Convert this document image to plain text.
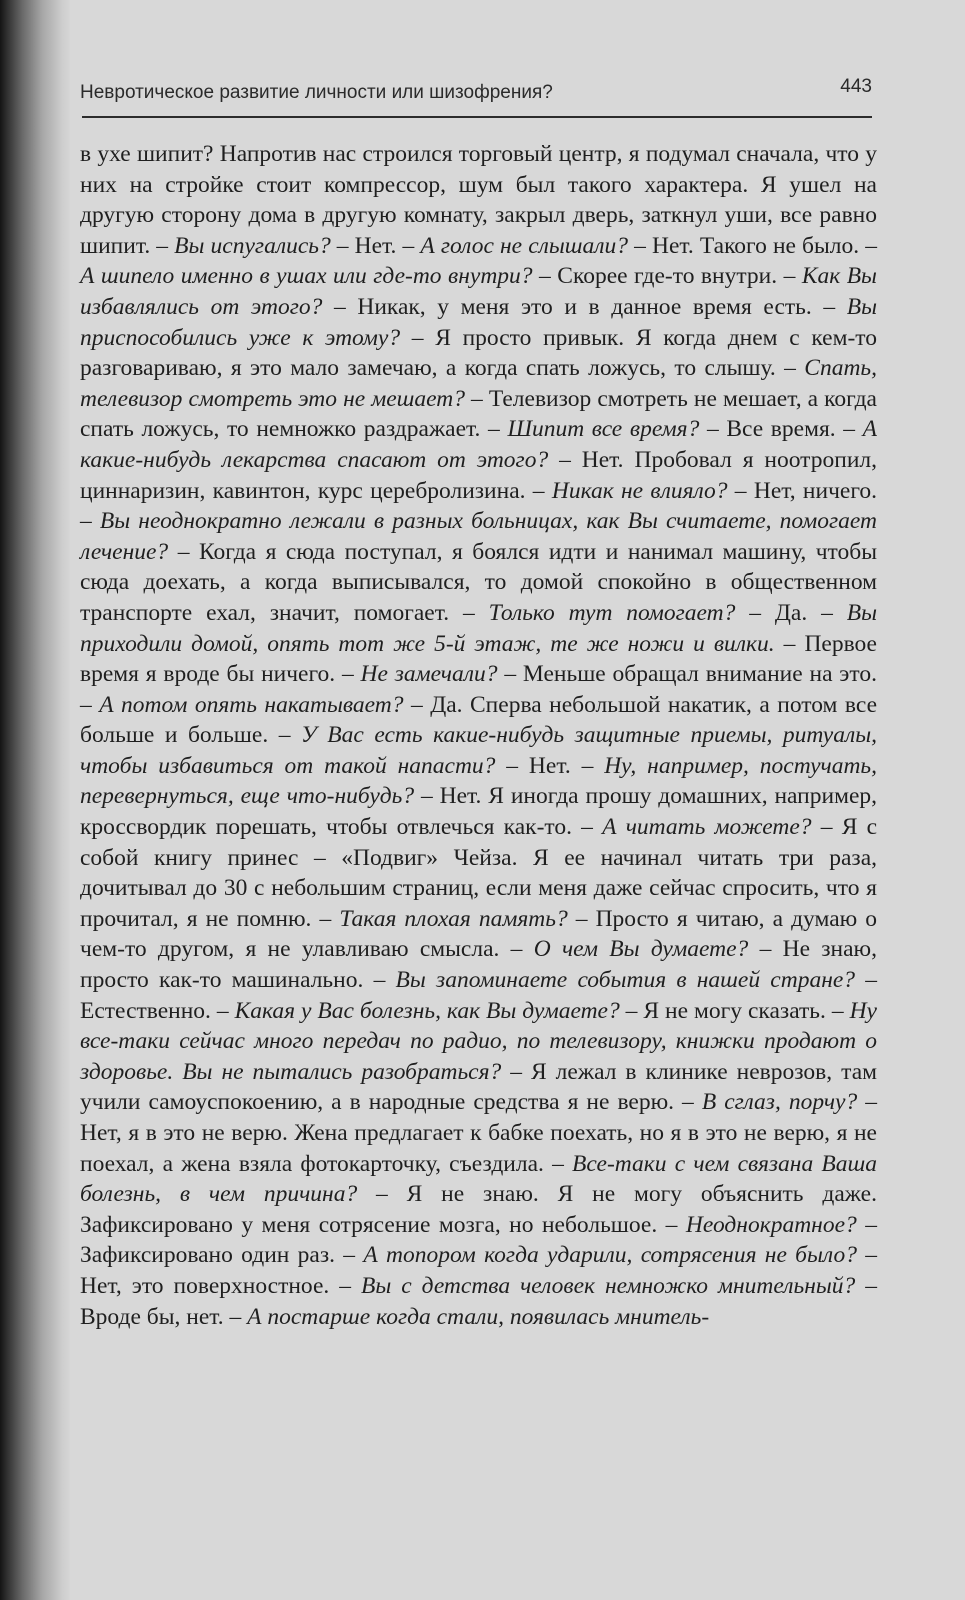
Невротическое развитие личности или шизофрения?	443

в ухе шипит? Напротив нас строился торговый центр, я подумал сначала, что у них на стройке стоит компрессор, шум был такого характера. Я ушел на другую сторону дома в другую комнату, закрыл дверь, заткнул уши, все равно шипит. – Вы испугались? – Нет. – А голос не слышали? – Нет. Такого не было. – А шипело именно в ушах или где-то внутри? – Скорее где-то внутри. – Как Вы избавлялись от этого? – Никак, у меня это и в данное время есть. – Вы приспособились уже к этому? – Я просто привык. Я когда днем с кем-то разговариваю, я это мало замечаю, а когда спать ложусь, то слышу. – Спать, телевизор смотреть это не мешает? – Телевизор смотреть не мешает, а когда спать ложусь, то немножко раздражает. – Шипит все время? – Все время. – А какие-нибудь лекарства спасают от этого? – Нет. Пробовал я ноотропил, циннаризин, кавинтон, курс церебролизина. – Никак не влияло? – Нет, ничего. – Вы неоднократно лежали в разных больницах, как Вы считаете, помогает лечение? – Когда я сюда поступал, я боялся идти и нанимал машину, чтобы сюда доехать, а когда выписывался, то домой спокойно в общественном транспорте ехал, значит, помогает. – Только тут помогает? – Да. – Вы приходили домой, опять тот же 5-й этаж, те же ножи и вилки. – Первое время я вроде бы ничего. – Не замечали? – Меньше обращал внимание на это. – А потом опять накатывает? – Да. Сперва небольшой накатик, а потом все больше и больше. – У Вас есть какие-нибудь защитные приемы, ритуалы, чтобы избавиться от такой напасти? – Нет. – Ну, например, постучать, перевернуться, еще что-нибудь? – Нет. Я иногда прошу домашних, например, кроссвордик порешать, чтобы отвлечься как-то. – А читать можете? – Я с собой книгу принес – «Подвиг» Чейза. Я ее начинал читать три раза, дочитывал до 30 с небольшим страниц, если меня даже сейчас спросить, что я прочитал, я не помню. – Такая плохая память? – Просто я читаю, а думаю о чем-то другом, я не улавливаю смысла. – О чем Вы думаете? – Не знаю, просто как-то машинально. – Вы запоминаете события в нашей стране? – Естественно. – Какая у Вас болезнь, как Вы думаете? – Я не могу сказать. – Ну все-таки сейчас много передач по радио, по телевизору, книжки продают о здоровье. Вы не пытались разобраться? – Я лежал в клинике неврозов, там учили самоуспокоению, а в народные средства я не верю. – В сглаз, порчу? – Нет, я в это не верю. Жена предлагает к бабке поехать, но я в это не верю, я не поехал, а жена взяла фотокарточку, съездила. – Все-таки с чем связана Ваша болезнь, в чем причина? – Я не знаю. Я не могу объяснить даже. Зафиксировано у меня сотрясение мозга, но небольшое. – Неоднократное? – Зафиксировано один раз. – А топором когда ударили, сотрясения не было? – Нет, это поверхностное. – Вы с детства человек немножко мнительный? – Вроде бы, нет. – А постарше когда стали, появилась мнитель-
